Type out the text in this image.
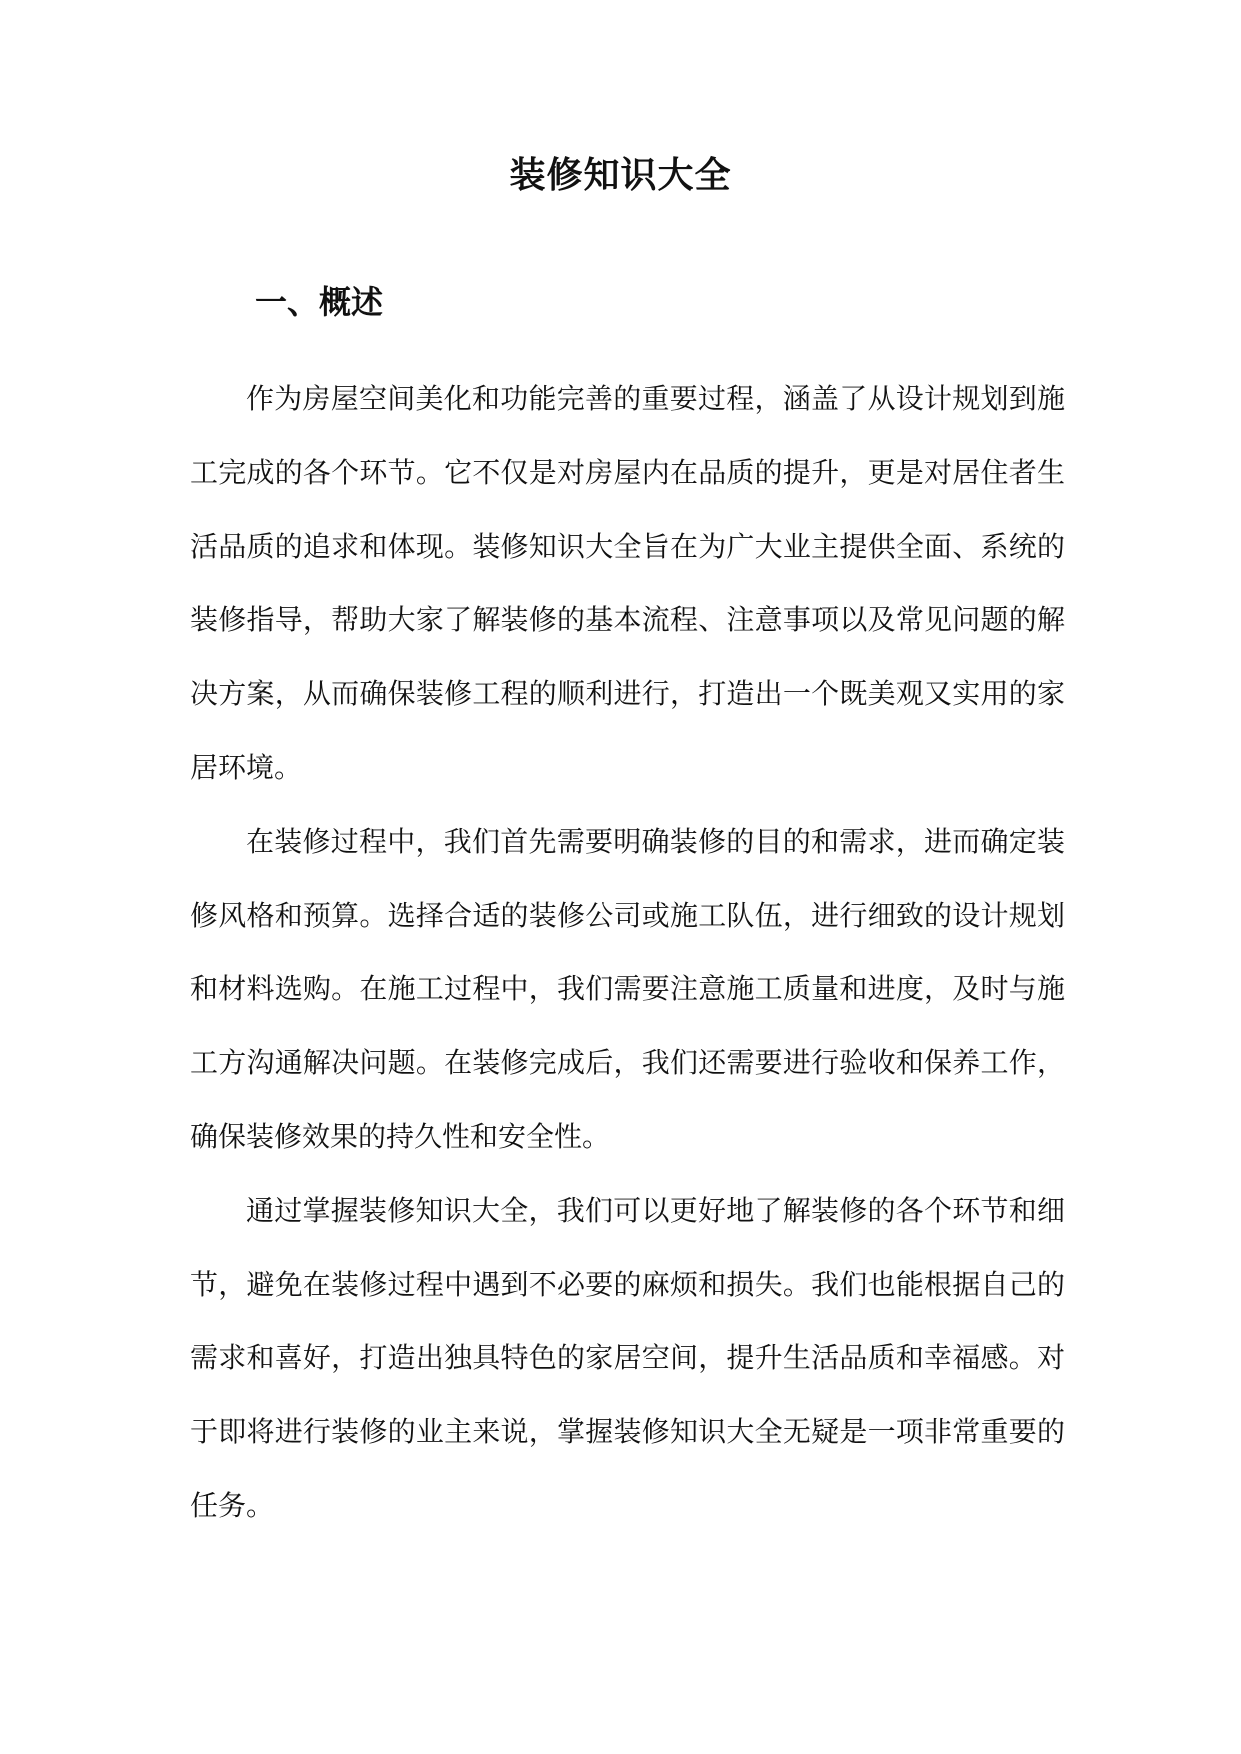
装修知识大全
一、概述

作为房屋空间美化和功能完善的重要过程，涵盖了从设计规划到施工完成的各个环节。它不仅是对房屋内在品质的提升，更是对居住者生活品质的追求和体现。装修知识大全旨在为广大业主提供全面、系统的装修指导，帮助大家了解装修的基本流程、注意事项以及常见问题的解决方案，从而确保装修工程的顺利进行，打造出一个既美观又实用的家居环境。

在装修过程中，我们首先需要明确装修的目的和需求，进而确定装修风格和预算。选择合适的装修公司或施工队伍，进行细致的设计规划和材料选购。在施工过程中，我们需要注意施工质量和进度，及时与施工方沟通解决问题。在装修完成后，我们还需要进行验收和保养工作，确保装修效果的持久性和安全性。

通过掌握装修知识大全，我们可以更好地了解装修的各个环节和细节，避免在装修过程中遇到不必要的麻烦和损失。我们也能根据自己的需求和喜好，打造出独具特色的家居空间，提升生活品质和幸福感。对于即将进行装修的业主来说，掌握装修知识大全无疑是一项非常重要的任务。
